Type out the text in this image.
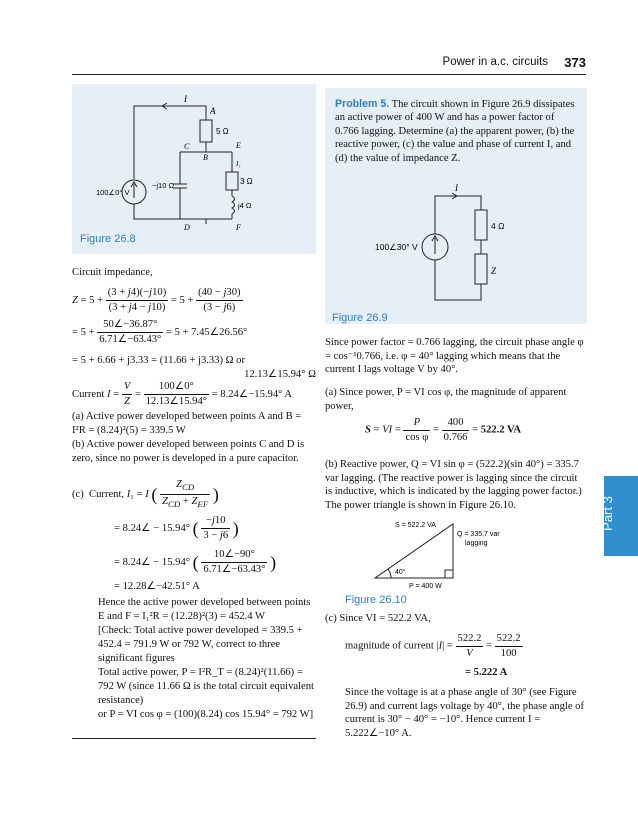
Power in a.c. circuits 373
I
A
5 Ω
C
B
E
I₁
3 Ω
100∠0° V
−j10 Ω
j4 Ω
D	F
Figure 26.8
Circuit impedance,
$Z = 5 + \frac{(3 + j4)(-j10)}{(3 + j4 - j10)} = 5 + \frac{(40 - j30)}{(3 - j6)}$
= $5 + \frac{50\angle-36.87^\circ}{6.71\angle-63.43^\circ} = 5$ + 7.45∠26.56°
= 5 + 6.66 + j3.33 = (11.66 + j3.33) Ω or
12.13∠15.94° Ω
Current $I = \frac{V}{Z} = \frac{100\angle 0^\circ}{12.13\angle 15.94^\circ}$ = 8.24∠−15.94° A
(a) Active power developed between points A and B = I²R = (8.24)²(5) = 339.5 W
(b) Active power developed between points C and D is zero, since no power is developed in a pure capacitor.
(c)  Current, I₁ = I ( $\frac{Z_{CD}}{Z_{CD} + Z_{EF}}$ )
= 8.24∠ − 15.94° ( $\frac{-j10}{3 - j6}$ )
= 8.24∠ − 15.94° ( $\frac{10\angle-90^\circ}{6.71\angle-63.43^\circ}$ )
= 12.28∠−42.51° A
Hence the active power developed between points E and F = I₁²R = (12.28)²(3) = 452.4 W
[Check: Total active power developed = 339.5 + 452.4 = 791.9 W or 792 W, correct to three significant figures
Total active power, P = I²R_T = (8.24)²(11.66) = 792 W (since 11.66 Ω is the total circuit equivalent resistance)
or P = VI cos φ = (100)(8.24) cos 15.94° = 792 W]
Problem 5. The circuit shown in Figure 26.9 dissipates an active power of 400 W and has a power factor of 0.766 lagging. Determine (a) the apparent power, (b) the reactive power, (c) the value and phase of current I, and (d) the value of impedance Z.
I
4 Ω
Z
100∠30° V
Figure 26.9
Since power factor = 0.766 lagging, the circuit phase angle φ = cos⁻¹0.766, i.e. φ = 40° lagging which means that the current I lags voltage V by 40°.
(a) Since power, P = VI cos φ, the magnitude of apparent power,
S = VI = $\frac{P}{\text{cos φ}} = \frac{400}{0.766} = 522.2$ VA
(b) Reactive power, Q = VI sin φ = (522.2)(sin 40°) = 335.7 var lagging. (The reactive power is lagging since the circuit is inductive, which is indicated by the lagging power factor.) The power triangle is shown in Figure 26.10.
S = 522.2 VA
Q = 335.7 var
lagging
40°
P = 400 W
Figure 26.10
(c) Since VI = 522.2 VA,
magnitude of current $|I| = \frac{522.2}{V} = \frac{522.2}{100}$
= 5.222 A
Since the voltage is at a phase angle of 30° (see Figure 26.9) and current lags voltage by 40°, the phase angle of current is 30° − 40° = −10°. Hence current I = 5.222∠−10° A.
Part 3
